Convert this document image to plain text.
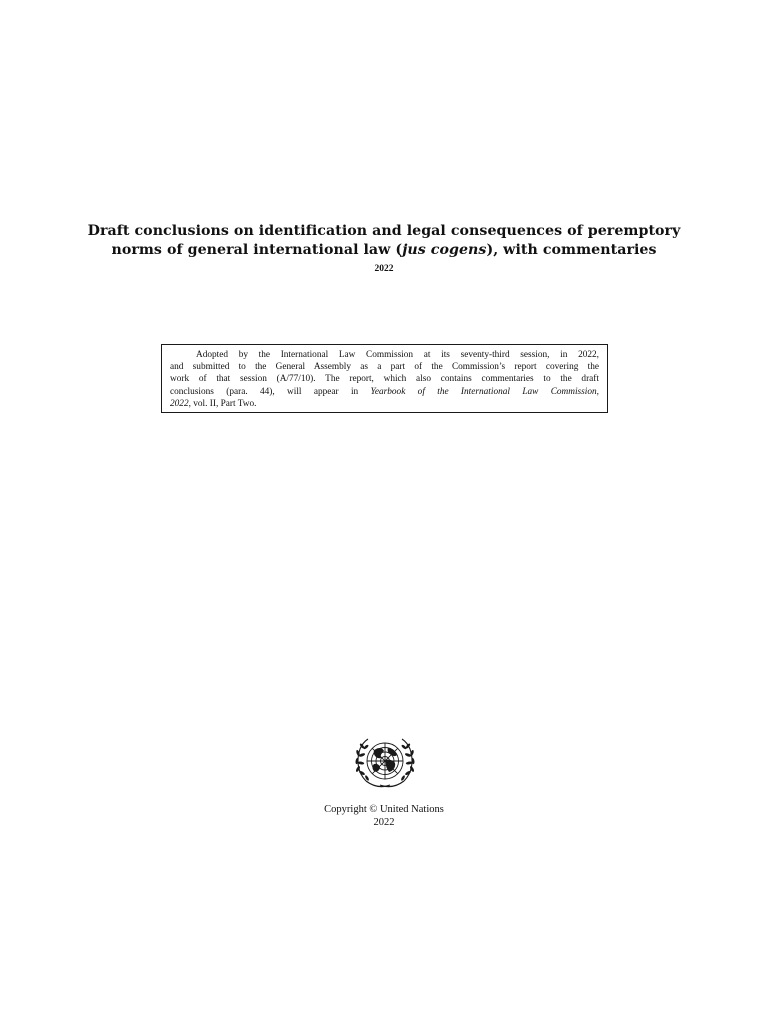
Draft conclusions on identification and legal consequences of peremptory
norms of general international law (jus cogens), with commentaries
2022
Adopted by the International Law Commission at its seventy-third session, in 2022,
and submitted to the General Assembly as a part of the Commission’s report covering the
work of that session (A/77/10). The report, which also contains commentaries to the draft
conclusions (para. 44), will appear in Yearbook of the International Law Commission,
2022, vol. II, Part Two.
Copyright © United Nations
2022
